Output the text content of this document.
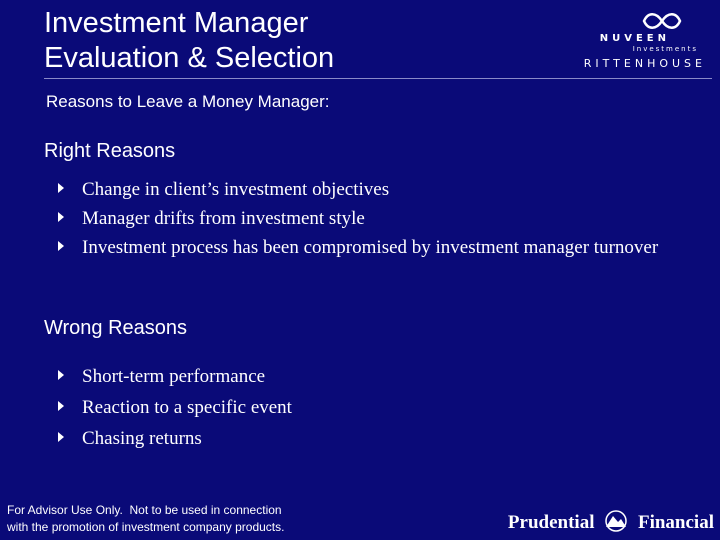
Investment Manager
Evaluation & Selection
NUVEEN
Investments
RITTENHOUSE
Reasons to Leave a Money Manager:
Right Reasons
Change in client’s investment objectives
Manager drifts from investment style
Investment process has been compromised by investment manager turnover
Wrong Reasons
Short-term performance
Reaction to a specific event
Chasing returns
For Advisor Use Only.  Not to be used in connection
with the promotion of investment company products.	Prudential Financial
